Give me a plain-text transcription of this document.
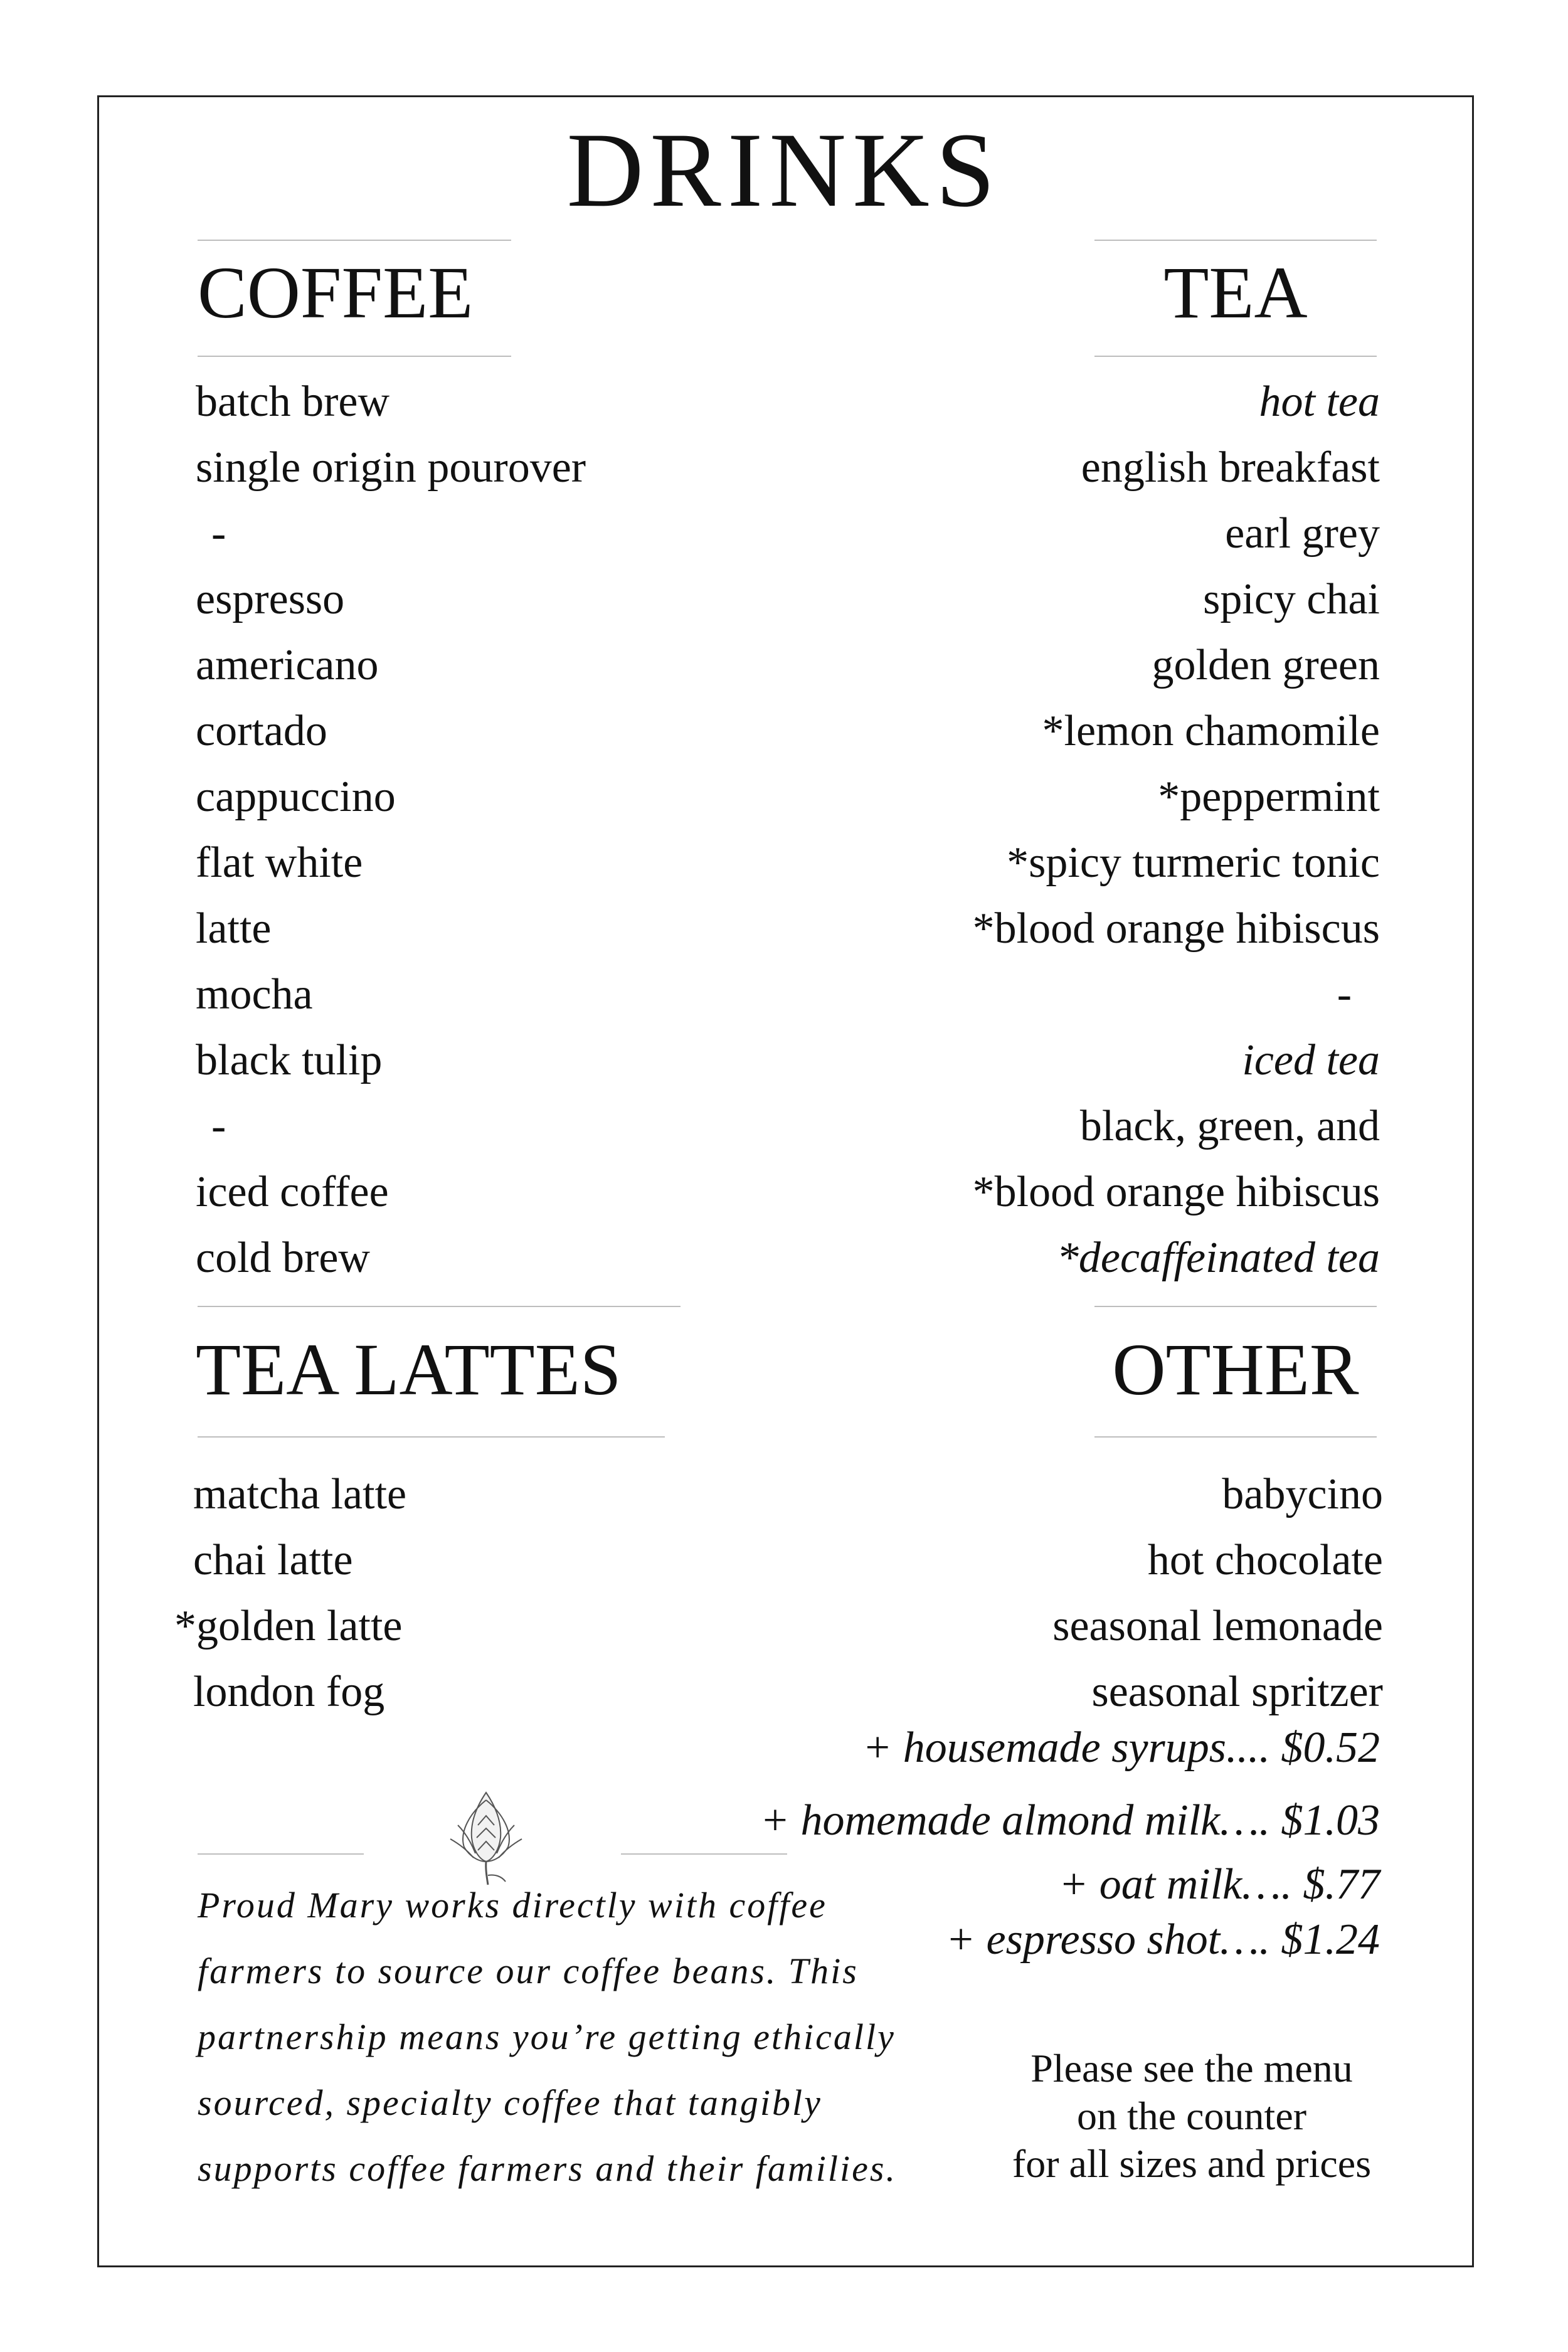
DRINKS
COFFEE
batch brew
single origin pourover
-
espresso
americano
cortado
cappuccino
flat white
latte
mocha
black tulip
-
iced coffee
cold brew
TEA
hot tea
english breakfast
earl grey
spicy chai
golden green
*lemon chamomile
*peppermint
*spicy turmeric tonic
*blood orange hibiscus
-
iced tea
black, green, and
*blood orange hibiscus
*decaffeinated tea
TEA LATTES
matcha latte
chai latte
*golden latte
london fog
OTHER
babycino
hot chocolate
seasonal lemonade
seasonal spritzer
+ housemade syrups.... $0.52
+ homemade almond milk…. $1.03
+ oat milk…. $.77
+ espresso shot…. $1.24

Proud Mary works directly with coffee farmers to source our coffee beans. This partnership means you’re getting ethically sourced, specialty coffee that tangibly supports coffee farmers and their families.

Please see the menu
on the counter
for all sizes and prices
